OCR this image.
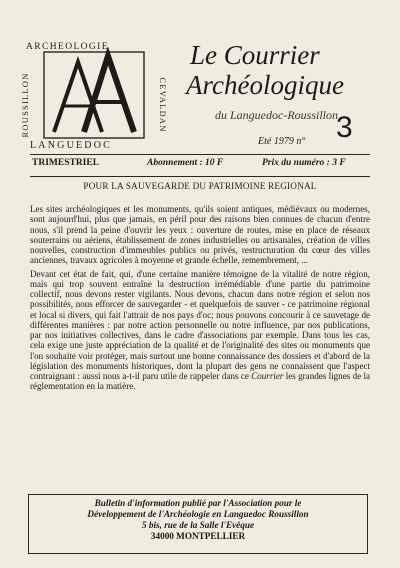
ARCHEOLOGIE
LANGUEDOC
ROUSSILLON	CEVALDAN
Le Courrier
Archéologique
du Languedoc-Roussillon
Eté 1979 n° 3
TRIMESTRIEL	Abonnement : 10 F	Prix du numéro : 3 F
POUR LA SAUVEGARDE DU PATRIMOINE REGIONAL

Les sites archéologiques et les monuments, qu'ils soient antiques, médiévaux ou modernes, sont aujourd'hui, plus que jamais, en péril pour des raisons bien connues de chacun d'entre nous, s'il prend la peine d'ouvrir les yeux : ouverture de routes, mise en place de réseaux souterrains ou aériens, établissement de zones industrielles ou artisanales, création de villes nouvelles, construction d'immeubles publics ou privés, restructuration du cœur des villes anciennes, travaux agricoles à moyenne et grande échelle, remembrement, ...

Devant cet état de fait, qui, d'une certaine manière témoigne de la vitalité de notre région, mais qui trop souvent entraîne la destruction irrémédiable d'une partie du patrimoine collectif, nous devons rester vigilants. Nous devons, chacun dans notre région et selon nos possibilités, nous efforcer de sauvegarder - et quelquefois de sauver - ce patrimoine régional et local si divers, qui fait l'attrait de nos pays d'oc; nous pouvons concourir à ce sauvetage de différentes manières : par notre action personnelle ou notre influence, par nos publications, par nos initiatives collectives, dans le cadre d'associations par exemple. Dans tous les cas, cela exige une juste appréciation de la qualité et de l'originalité des sites ou monuments que l'on souhaite voir protéger, mais surtout une bonne connaissance des dossiers et d'abord de la législation des monuments historiques, dont la plupart des gens ne connaissent que l'aspect contraignant : aussi nous a-t-il paru utile de rappeler dans ce Courrier les grandes lignes de la réglementation en la matière.

Bulletin d'information publié par l'Association pour le
Développement de l'Archéologie en Languedoc Roussillon
5 bis, rue de la Salle l'Evêque
34000 MONTPELLIER
